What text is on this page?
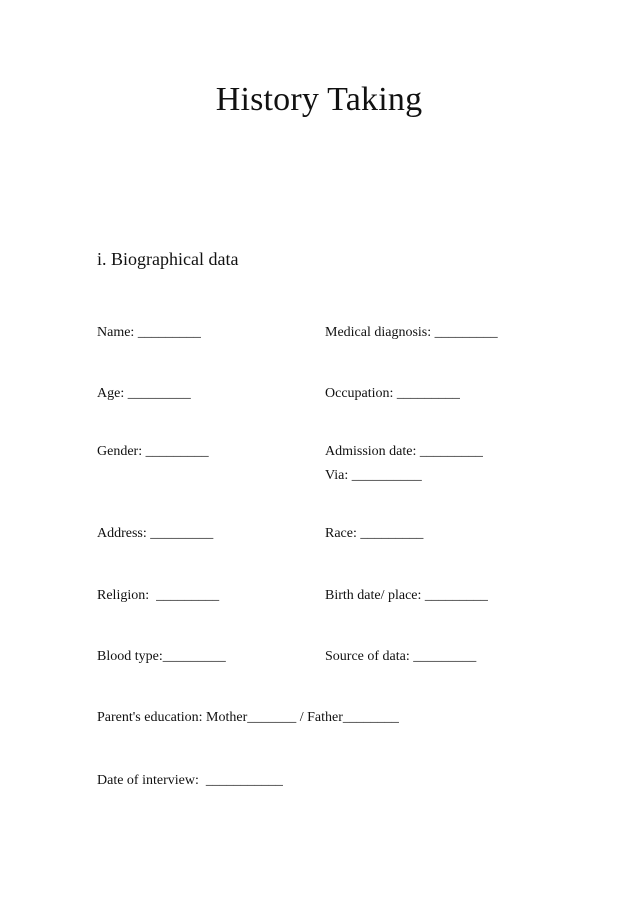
History Taking
i. Biographical data
Name: _________	Medical diagnosis: _________
Age: _________	Occupation: _________
Gender: _________	Admission date: _________
Via: __________
Address: _________	Race: _________
Religion:  _________	Birth date/ place: _________
Blood type:_________	Source of data: _________
Parent's education: Mother_______ / Father________
Date of interview:  ___________
